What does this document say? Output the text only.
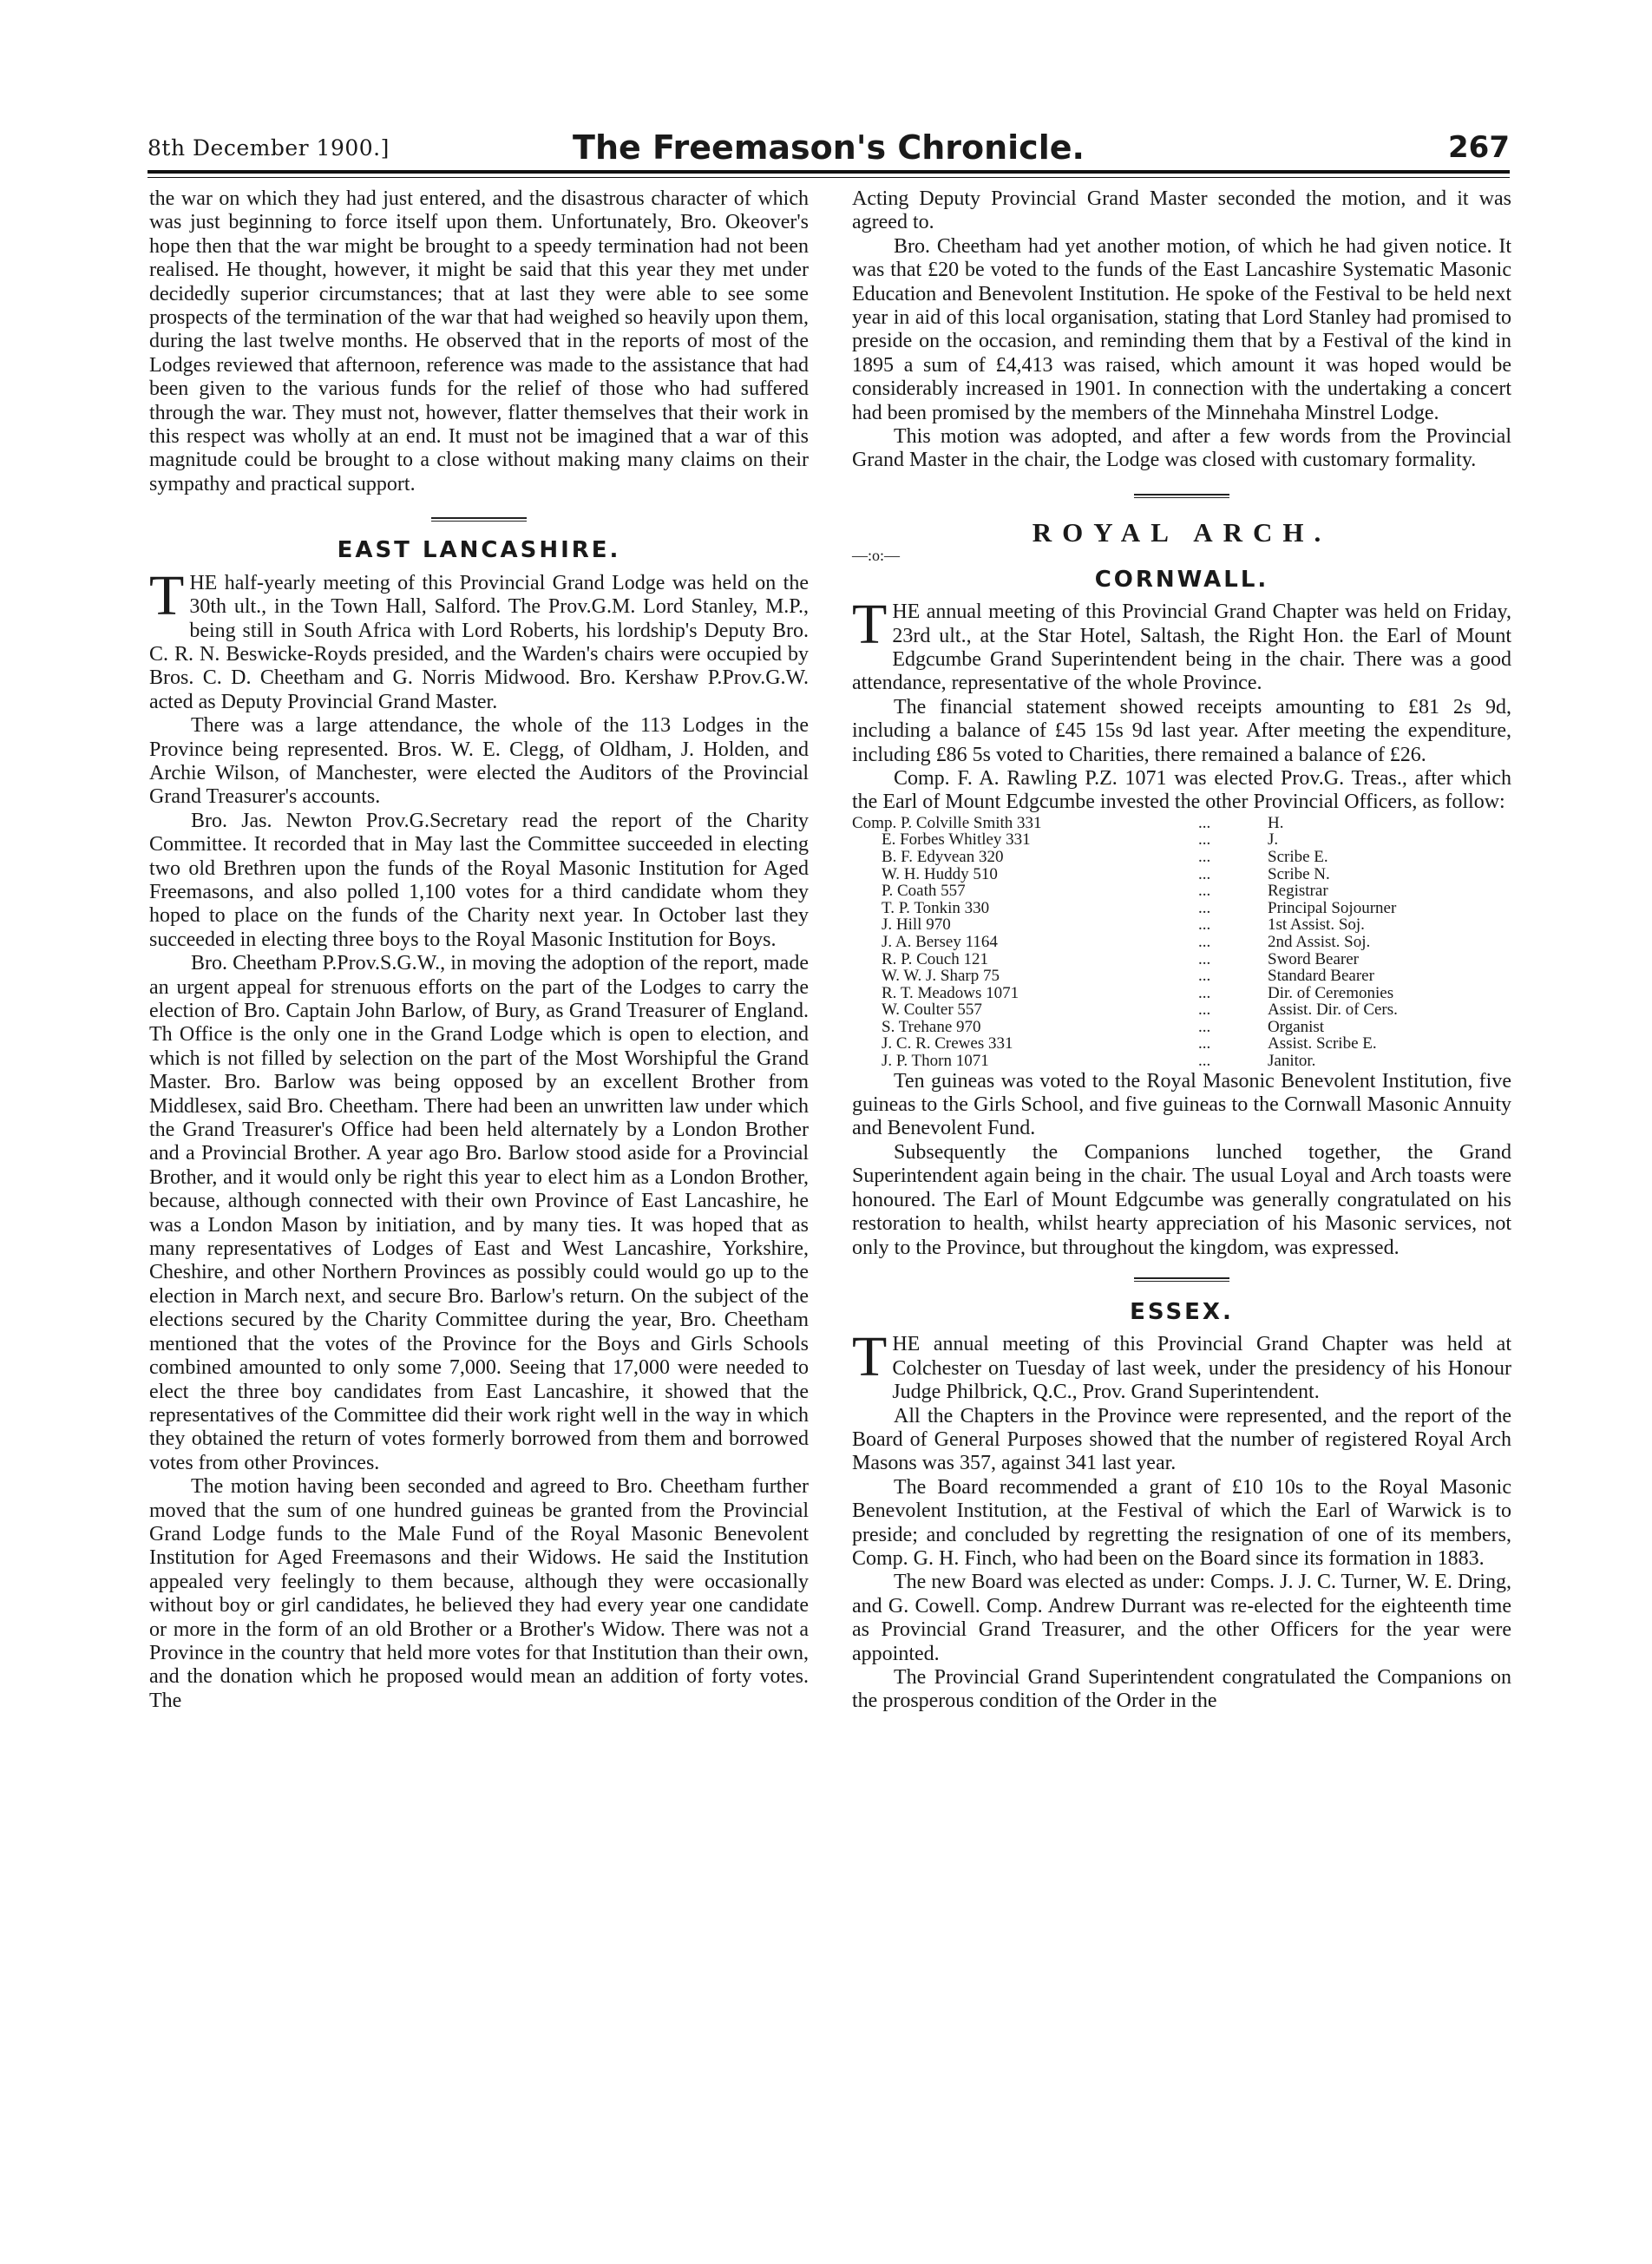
8th December 1900.]	The Freemason's Chronicle.	267

the war on which they had just entered, and the disastrous character of which was just beginning to force itself upon them. Unfortunately, Bro. Okeover's hope then that the war might be brought to a speedy termination had not been realised. He thought, however, it might be said that this year they met under decidedly superior circumstances; that at last they were able to see some prospects of the termination of the war that had weighed so heavily upon them, during the last twelve months. He observed that in the reports of most of the Lodges reviewed that afternoon, reference was made to the assistance that had been given to the various funds for the relief of those who had suffered through the war. They must not, however, flatter themselves that their work in this respect was wholly at an end. It must not be imagined that a war of this magnitude could be brought to a close without making many claims on their sympathy and practical support.

EAST LANCASHIRE.

THE half-yearly meeting of this Provincial Grand Lodge was held on the 30th ult., in the Town Hall, Salford. The Prov.G.M. Lord Stanley, M.P., being still in South Africa with Lord Roberts, his lordship's Deputy Bro. C. R. N. Beswicke-Royds presided, and the Warden's chairs were occupied by Bros. C. D. Cheetham and G. Norris Midwood. Bro. Kershaw P.Prov.G.W. acted as Deputy Provincial Grand Master.

There was a large attendance, the whole of the 113 Lodges in the Province being represented. Bros. W. E. Clegg, of Oldham, J. Holden, and Archie Wilson, of Manchester, were elected the Auditors of the Provincial Grand Treasurer's accounts.

Bro. Jas. Newton Prov.G.Secretary read the report of the Charity Committee. It recorded that in May last the Committee succeeded in electing two old Brethren upon the funds of the Royal Masonic Institution for Aged Freemasons, and also polled 1,100 votes for a third candidate whom they hoped to place on the funds of the Charity next year. In October last they succeeded in electing three boys to the Royal Masonic Institution for Boys.

Bro. Cheetham P.Prov.S.G.W., in moving the adoption of the report, made an urgent appeal for strenuous efforts on the part of the Lodges to carry the election of Bro. Captain John Barlow, of Bury, as Grand Treasurer of England. Th Office is the only one in the Grand Lodge which is open to election, and which is not filled by selection on the part of the Most Worshipful the Grand Master. Bro. Barlow was being opposed by an excellent Brother from Middlesex, said Bro. Cheetham. There had been an unwritten law under which the Grand Treasurer's Office had been held alternately by a London Brother and a Provincial Brother. A year ago Bro. Barlow stood aside for a Provincial Brother, and it would only be right this year to elect him as a London Brother, because, although connected with their own Province of East Lancashire, he was a London Mason by initiation, and by many ties. It was hoped that as many representatives of Lodges of East and West Lancashire, Yorkshire, Cheshire, and other Northern Provinces as possibly could would go up to the election in March next, and secure Bro. Barlow's return. On the subject of the elections secured by the Charity Committee during the year, Bro. Cheetham mentioned that the votes of the Province for the Boys and Girls Schools combined amounted to only some 7,000. Seeing that 17,000 were needed to elect the three boy candidates from East Lancashire, it showed that the representatives of the Committee did their work right well in the way in which they obtained the return of votes formerly borrowed from them and borrowed votes from other Provinces.

The motion having been seconded and agreed to Bro. Cheetham further moved that the sum of one hundred guineas be granted from the Provincial Grand Lodge funds to the Male Fund of the Royal Masonic Benevolent Institution for Aged Freemasons and their Widows. He said the Institution appealed very feelingly to them because, although they were occasionally without boy or girl candidates, he believed they had every year one candidate or more in the form of an old Brother or a Brother's Widow. There was not a Province in the country that held more votes for that Institution than their own, and the donation which he proposed would mean an addition of forty votes. The

Acting Deputy Provincial Grand Master seconded the motion, and it was agreed to.

Bro. Cheetham had yet another motion, of which he had given notice. It was that £20 be voted to the funds of the East Lancashire Systematic Masonic Education and Benevolent Institution. He spoke of the Festival to be held next year in aid of this local organisation, stating that Lord Stanley had promised to preside on the occasion, and reminding them that by a Festival of the kind in 1895 a sum of £4,413 was raised, which amount it was hoped would be considerably increased in 1901. In connection with the undertaking a concert had been promised by the members of the Minnehaha Minstrel Lodge.

This motion was adopted, and after a few words from the Provincial Grand Master in the chair, the Lodge was closed with customary formality.

ROYAL ARCH.

—:o:—

CORNWALL.

THE annual meeting of this Provincial Grand Chapter was held on Friday, 23rd ult., at the Star Hotel, Saltash, the Right Hon. the Earl of Mount Edgcumbe Grand Superintendent being in the chair. There was a good attendance, representative of the whole Province.

The financial statement showed receipts amounting to £81 2s 9d, including a balance of £45 15s 9d last year. After meeting the expenditure, including £86 5s voted to Charities, there remained a balance of £26.

Comp. F. A. Rawling P.Z. 1071 was elected Prov.G. Treas., after which the Earl of Mount Edgcumbe invested the other Provincial Officers, as follow:

Comp. P. Colville Smith 331	...	H.
E. Forbes Whitley 331	...	J.
B. F. Edyvean 320	...	Scribe E.
W. H. Huddy 510	...	Scribe N.
P. Coath 557	...	Registrar
T. P. Tonkin 330	...	Principal Sojourner
J. Hill 970	...	1st Assist. Soj.
J. A. Bersey 1164	...	2nd Assist. Soj.
R. P. Couch 121	...	Sword Bearer
W. W. J. Sharp 75	...	Standard Bearer
R. T. Meadows 1071	...	Dir. of Ceremonies
W. Coulter 557	...	Assist. Dir. of Cers.
S. Trehane 970	...	Organist
J. C. R. Crewes 331	...	Assist. Scribe E.
J. P. Thorn 1071	...	Janitor.

Ten guineas was voted to the Royal Masonic Benevolent Institution, five guineas to the Girls School, and five guineas to the Cornwall Masonic Annuity and Benevolent Fund.

Subsequently the Companions lunched together, the Grand Superintendent again being in the chair. The usual Loyal and Arch toasts were honoured. The Earl of Mount Edgcumbe was generally congratulated on his restoration to health, whilst hearty appreciation of his Masonic services, not only to the Province, but throughout the kingdom, was expressed.

ESSEX.

THE annual meeting of this Provincial Grand Chapter was held at Colchester on Tuesday of last week, under the presidency of his Honour Judge Philbrick, Q.C., Prov. Grand Superintendent.

All the Chapters in the Province were represented, and the report of the Board of General Purposes showed that the number of registered Royal Arch Masons was 357, against 341 last year.

The Board recommended a grant of £10 10s to the Royal Masonic Benevolent Institution, at the Festival of which the Earl of Warwick is to preside; and concluded by regretting the resignation of one of its members, Comp. G. H. Finch, who had been on the Board since its formation in 1883.

The new Board was elected as under: Comps. J. J. C. Turner, W. E. Dring, and G. Cowell. Comp. Andrew Durrant was re-elected for the eighteenth time as Provincial Grand Treasurer, and the other Officers for the year were appointed.

The Provincial Grand Superintendent congratulated the Companions on the prosperous condition of the Order in the
